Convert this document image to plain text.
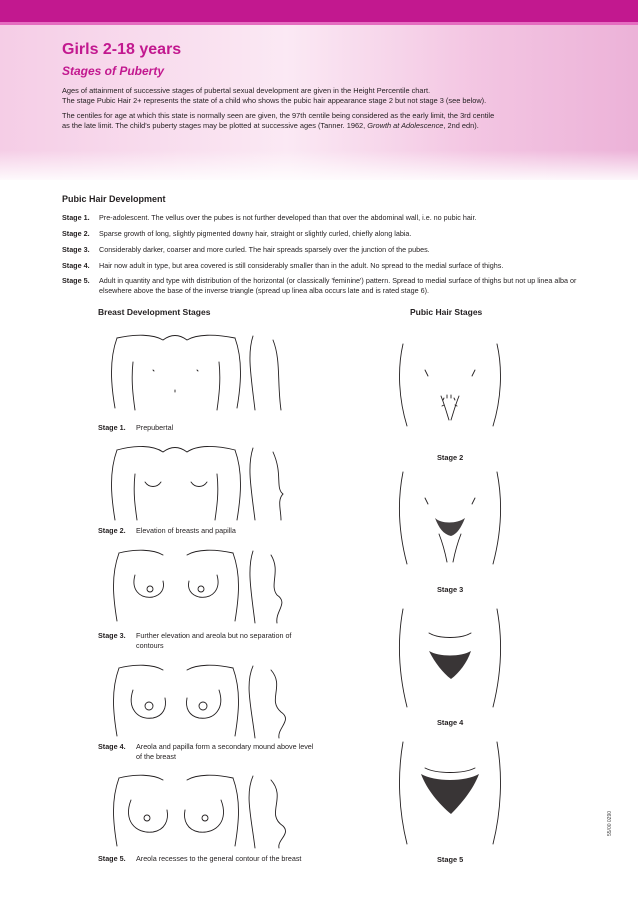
Girls 2-18 years
Stages of Puberty

Ages of attainment of successive stages of pubertal sexual development are given in the Height Percentile chart.
The stage Pubic Hair 2+ represents the state of a child who shows the pubic hair appearance stage 2 but not stage 3 (see below).

The centiles for age at which this state is normally seen are given, the 97th centile being considered as the early limit, the 3rd centile
as the late limit. The child's puberty stages may be plotted at successive ages (Tanner. 1962, Growth at Adolescence, 2nd edn).

Pubic Hair Development
Stage 1. Pre-adolescent. The vellus over the pubes is not further developed than that over the abdominal wall, i.e. no pubic hair.
Stage 2. Sparse growth of long, slightly pigmented downy hair, straight or slightly curled, chiefly along labia.
Stage 3. Considerably darker, coarser and more curled. The hair spreads sparsely over the junction of the pubes.
Stage 4. Hair now adult in type, but area covered is still considerably smaller than in the adult. No spread to the medial surface of thighs.
Stage 5. Adult in quantity and type with distribution of the horizontal (or classically 'feminine') pattern. Spread to medial surface of thighs but not up linea alba or elsewhere above the base of the inverse triangle (spread up linea alba occurs late and is rated stage 6).
Breast Development Stages	Pubic Hair Stages
Stage 1. Prepubertal
Stage 2. Elevation of breasts and papilla
Stage 3. Further elevation and areola but no separation of contours
Stage 4. Areola and papilla form a secondary mound above level of the breast
Stage 5. Areola recesses to the general contour of the breast
Stage 2
Stage 3
Stage 4
Stage 5
55/00 0290
